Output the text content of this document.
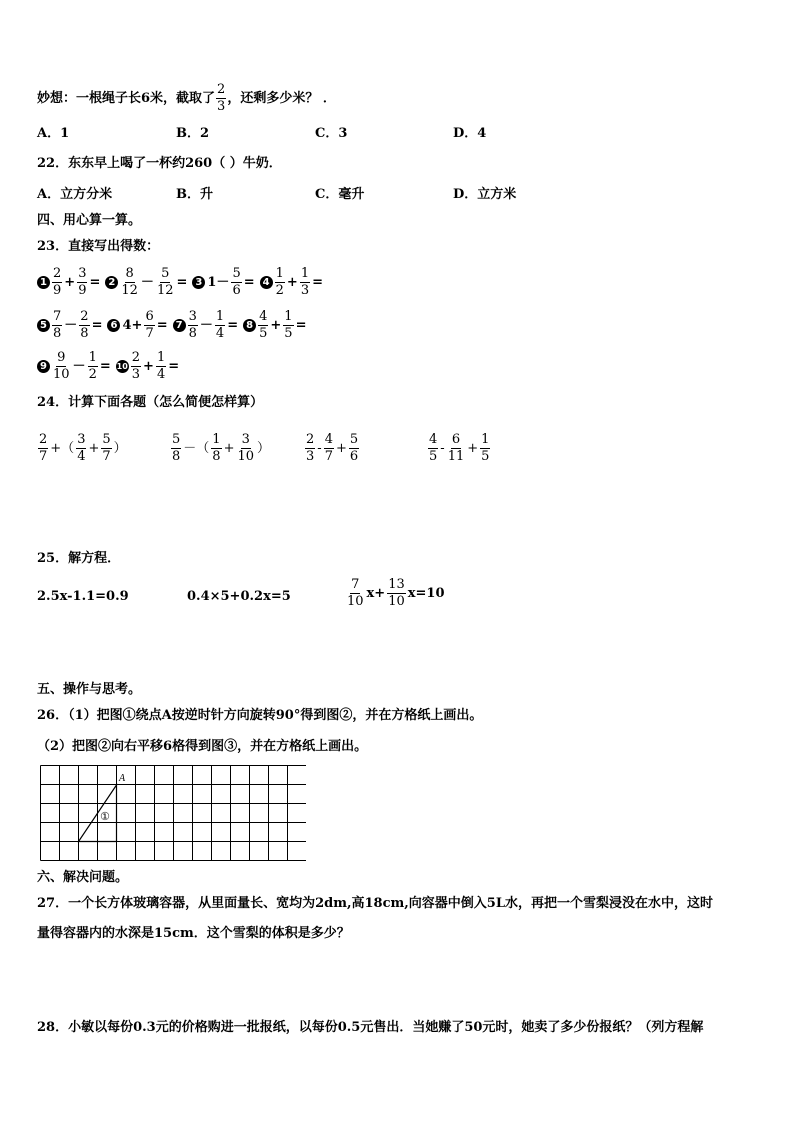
妙想：一根绳子长6米，截取了 $\frac{2}{3}$ ，还剩多少米？ ．
A．1	B．2	C．3	D．4
22．东东早上喝了一杯约260（ ）牛奶．
A．立方分米	B．升	C．毫升	D．立方米
四、用心算一算。
23．直接写出得数：
$1 \frac{2}{9} + \frac{3}{9} = 2 \frac{8}{12} - \frac{5}{12} = 3$ $1- \frac{5}{6} = 4 \frac{1}{2} + \frac{1}{3}$ =
$5 \frac{7}{8} - \frac{2}{8} = 6$ $4+ \frac{6}{7} = 7 \frac{3}{8} - \frac{1}{4} = 8 \frac{4}{5} + \frac{1}{5}$ =
$9 \frac{9}{10} - \frac{1}{2} = 10 \frac{2}{3} + \frac{1}{4}$ =
24．计算下面各题（怎么简便怎样算）
$\frac{2}{7}$ +（ $\frac{3}{4} + \frac{5}{7}$ ）	$\frac{5}{8}$ －（ $\frac{1}{8} + \frac{3}{10}$ ）	$\frac{2}{3} - \frac{4}{7} + \frac{5}{6}$	$\frac{4}{5} - \frac{6}{11} + \frac{1}{5}$
25．解方程．
2.5x-1.1=0.9	0.4×5+0.2x=5	$\frac{7}{10} x+ \frac{13}{10} x=10$
五、操作与思考。
26．（1）把图①绕点A按逆时针方向旋转90°得到图②，并在方格纸上画出。
（2）把图②向右平移6格得到图③，并在方格纸上画出。
A
①
六、解决问题。
27．一个长方体玻璃容器，从里面量长、宽均为2dm,高18cm,向容器中倒入5L水，再把一个雪梨浸没在水中，这时
量得容器内的水深是15cm．这个雪梨的体积是多少？
28．小敏以每份0.3元的价格购进一批报纸，以每份0.5元售出．当她赚了50元时，她卖了多少份报纸？（列方程解
